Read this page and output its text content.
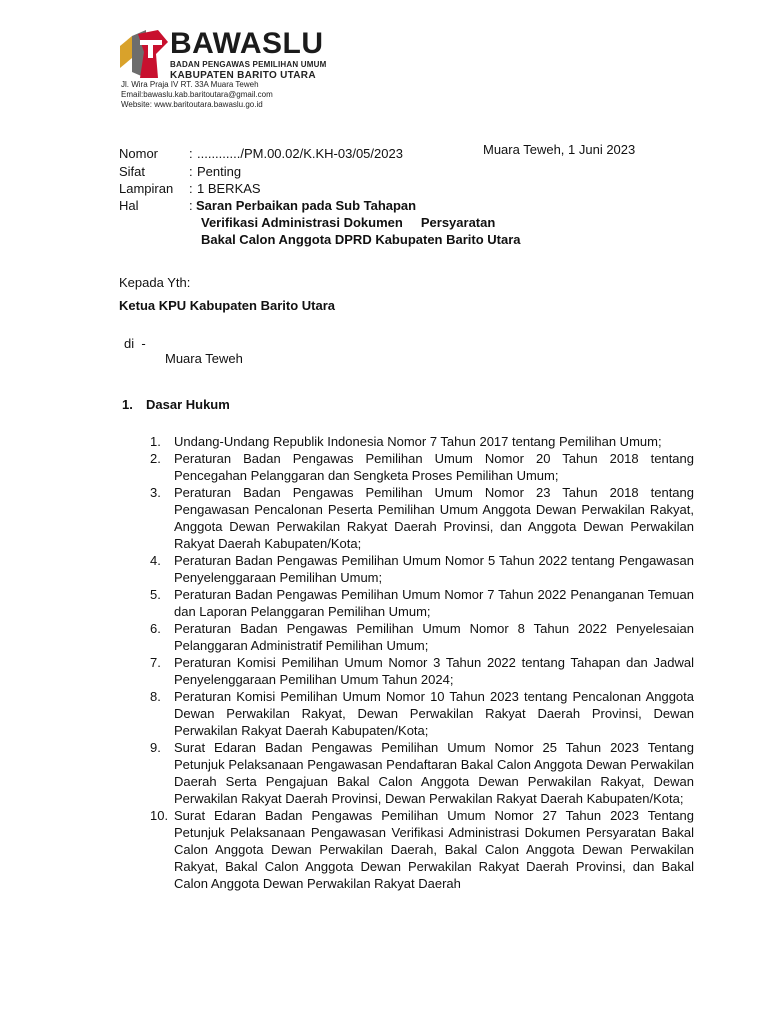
BAWASLU
BADAN PENGAWAS PEMILIHAN UMUM
KABUPATEN BARITO UTARA
Jl. Wira Praja IV RT. 33A Muara Teweh
Email:bawaslu.kab.baritoutara@gmail.com
Website: www.baritoutara.bawaslu.go.id
Muara Teweh, 1 Juni 2023
Nomor	: ............/PM.00.02/K.KH-03/05/2023
Sifat	: Penting
Lampiran	: 1 BERKAS
Hal	: Saran Perbaikan pada Sub Tahapan
Verifikasi Administrasi Dokumen     Persyaratan
Bakal Calon Anggota DPRD Kabupaten Barito Utara
Kepada Yth:
Ketua KPU Kabupaten Barito Utara
di  -
Muara Teweh
1. Dasar Hukum
1. Undang-Undang Republik Indonesia Nomor 7 Tahun 2017 tentang Pemilihan Umum;
2. Peraturan Badan Pengawas Pemilihan Umum Nomor 20 Tahun 2018 tentang Pencegahan Pelanggaran dan Sengketa Proses Pemilihan Umum;
3. Peraturan Badan Pengawas Pemilihan Umum Nomor 23 Tahun 2018 tentang Pengawasan Pencalonan Peserta Pemilihan Umum Anggota Dewan Perwakilan Rakyat, Anggota Dewan Perwakilan Rakyat Daerah Provinsi, dan Anggota Dewan Perwakilan Rakyat Daerah Kabupaten/Kota;
4. Peraturan Badan Pengawas Pemilihan Umum Nomor 5 Tahun 2022 tentang Pengawasan Penyelenggaraan Pemilihan Umum;
5. Peraturan Badan Pengawas Pemilihan Umum Nomor 7 Tahun 2022 Penanganan Temuan dan Laporan Pelanggaran Pemilihan Umum;
6. Peraturan Badan Pengawas Pemilihan Umum Nomor 8 Tahun 2022 Penyelesaian Pelanggaran Administratif Pemilihan Umum;
7. Peraturan Komisi Pemilihan Umum Nomor 3 Tahun 2022 tentang Tahapan dan Jadwal Penyelenggaraan Pemilihan Umum Tahun 2024;
8. Peraturan Komisi Pemilihan Umum Nomor 10 Tahun 2023 tentang Pencalonan Anggota Dewan Perwakilan Rakyat, Dewan Perwakilan Rakyat Daerah Provinsi, Dewan Perwakilan Rakyat Daerah Kabupaten/Kota;
9. Surat Edaran Badan Pengawas Pemilihan Umum Nomor 25 Tahun 2023 Tentang Petunjuk Pelaksanaan Pengawasan Pendaftaran Bakal Calon Anggota Dewan Perwakilan Daerah Serta Pengajuan Bakal Calon Anggota Dewan Perwakilan Rakyat, Dewan Perwakilan Rakyat Daerah Provinsi, Dewan Perwakilan Rakyat Daerah Kabupaten/Kota;
10. Surat Edaran Badan Pengawas Pemilihan Umum Nomor 27 Tahun 2023 Tentang Petunjuk Pelaksanaan Pengawasan Verifikasi Administrasi Dokumen Persyaratan Bakal Calon Anggota Dewan Perwakilan Daerah, Bakal Calon Anggota Dewan Perwakilan Rakyat, Bakal Calon Anggota Dewan Perwakilan Rakyat Daerah Provinsi, dan Bakal Calon Anggota Dewan Perwakilan Rakyat Daerah
